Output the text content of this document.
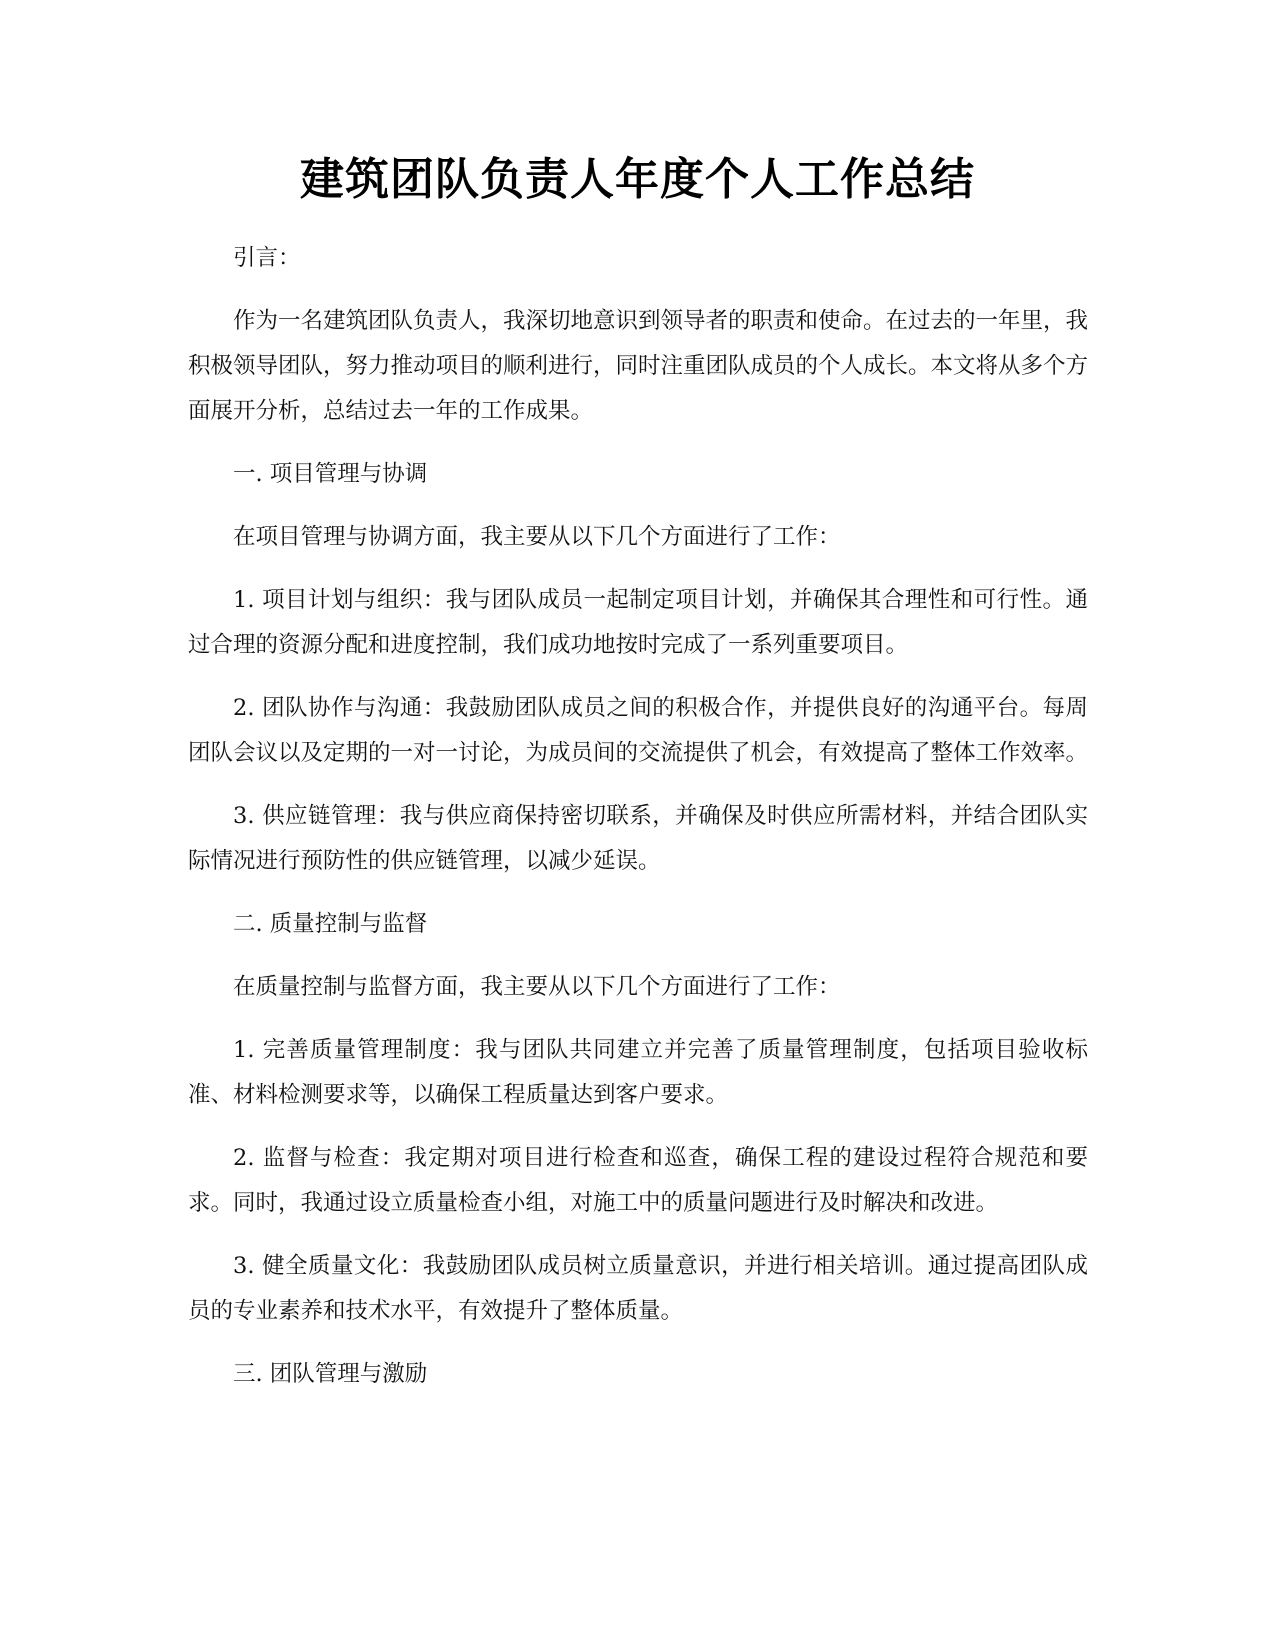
建筑团队负责人年度个人工作总结

引言：

作为一名建筑团队负责人，我深切地意识到领导者的职责和使命。在过去的一年里，我积极领导团队，努力推动项目的顺利进行，同时注重团队成员的个人成长。本文将从多个方面展开分析，总结过去一年的工作成果。

一. 项目管理与协调

在项目管理与协调方面，我主要从以下几个方面进行了工作：

1. 项目计划与组织：我与团队成员一起制定项目计划，并确保其合理性和可行性。通过合理的资源分配和进度控制，我们成功地按时完成了一系列重要项目。

2. 团队协作与沟通：我鼓励团队成员之间的积极合作，并提供良好的沟通平台。每周团队会议以及定期的一对一讨论，为成员间的交流提供了机会，有效提高了整体工作效率。

3. 供应链管理：我与供应商保持密切联系，并确保及时供应所需材料，并结合团队实际情况进行预防性的供应链管理，以减少延误。

二. 质量控制与监督

在质量控制与监督方面，我主要从以下几个方面进行了工作：

1. 完善质量管理制度：我与团队共同建立并完善了质量管理制度，包括项目验收标准、材料检测要求等，以确保工程质量达到客户要求。

2. 监督与检查：我定期对项目进行检查和巡查，确保工程的建设过程符合规范和要求。同时，我通过设立质量检查小组，对施工中的质量问题进行及时解决和改进。

3. 健全质量文化：我鼓励团队成员树立质量意识，并进行相关培训。通过提高团队成员的专业素养和技术水平，有效提升了整体质量。

三. 团队管理与激励
